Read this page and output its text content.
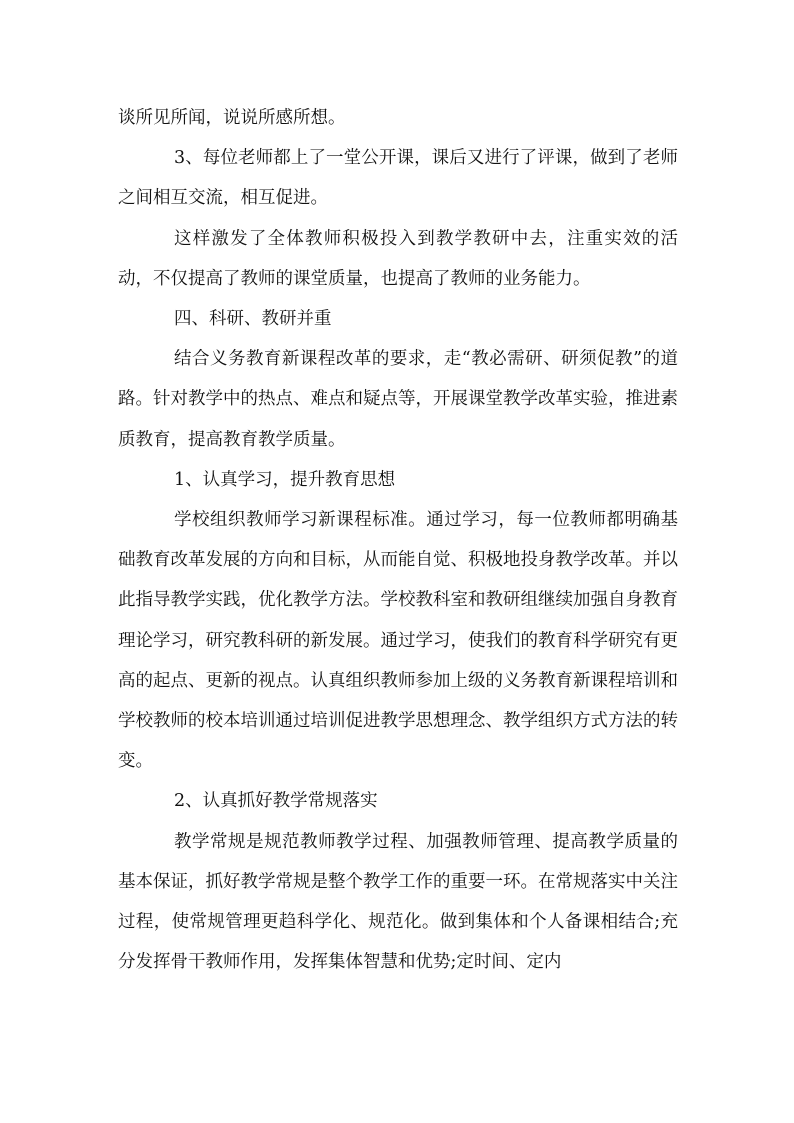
谈所见所闻，说说所感所想。

3、每位老师都上了一堂公开课，课后又进行了评课，做到了老师之间相互交流，相互促进。

这样激发了全体教师积极投入到教学教研中去，注重实效的活动，不仅提高了教师的课堂质量，也提高了教师的业务能力。

四、科研、教研并重

结合义务教育新课程改革的要求，走“教必需研、研须促教”的道路。针对教学中的热点、难点和疑点等，开展课堂教学改革实验，推进素质教育，提高教育教学质量。

1、认真学习，提升教育思想

学校组织教师学习新课程标准。通过学习，每一位教师都明确基础教育改革发展的方向和目标，从而能自觉、积极地投身教学改革。并以此指导教学实践，优化教学方法。学校教科室和教研组继续加强自身教育理论学习，研究教科研的新发展。通过学习，使我们的教育科学研究有更高的起点、更新的视点。认真组织教师参加上级的义务教育新课程培训和学校教师的校本培训通过培训促进教学思想理念、教学组织方式方法的转变。

2、认真抓好教学常规落实

教学常规是规范教师教学过程、加强教师管理、提高教学质量的基本保证，抓好教学常规是整个教学工作的重要一环。在常规落实中关注过程，使常规管理更趋科学化、规范化。做到集体和个人备课相结合;充分发挥骨干教师作用，发挥集体智慧和优势;定时间、定内
